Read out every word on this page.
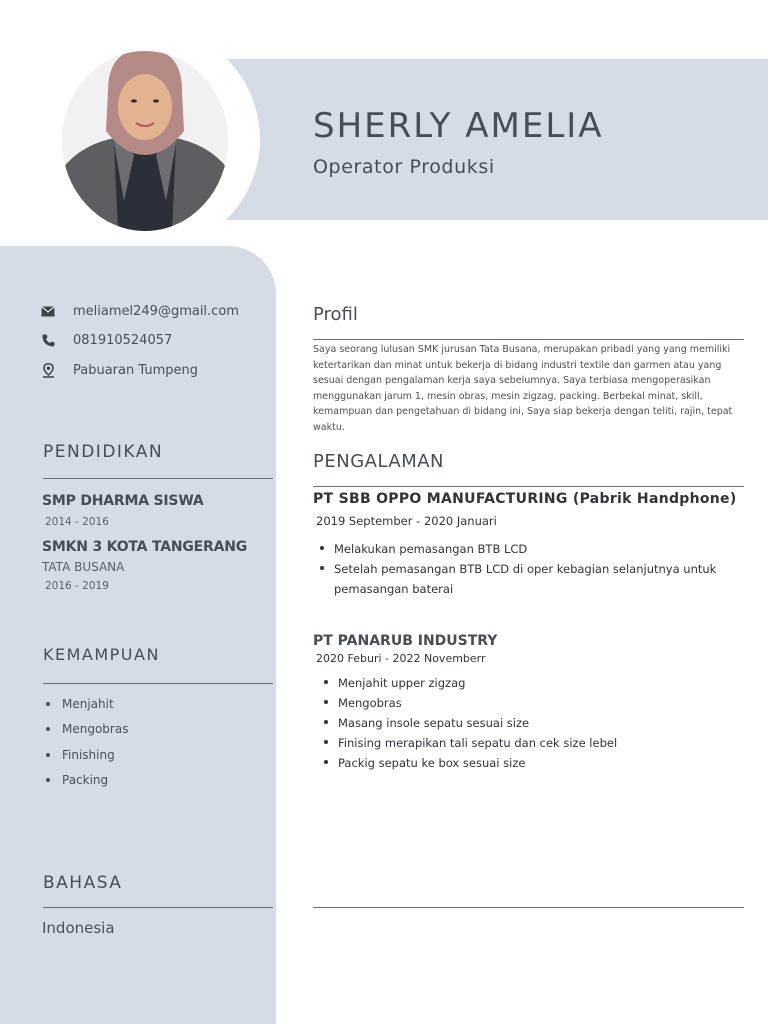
SHERLY AMELIA
Operator Produksi
meliamel249@gmail.com
081910524057
Pabuaran Tumpeng
PENDIDIKAN
SMP DHARMA SISWA
2014 - 2016
SMKN 3 KOTA TANGERANG
TATA BUSANA
2016 - 2019
KEMAMPUAN
Menjahit
Mengobras
Finishing
Packing
BAHASA
Indonesia
Profil

Saya seorang lulusan SMK jurusan Tata Busana, merupakan pribadi yang yang memiliki ketertarikan dan minat untuk bekerja di bidang industri textile dan garmen atau yang sesuai dengan pengalaman kerja saya sebelumnya. Saya terbiasa mengoperasikan menggunakan jarum 1, mesin obras, mesin zigzag, packing. Berbekal minat, skill, kemampuan dan pengetahuan di bidang ini, Saya siap bekerja dengan teliti, rajin, tepat waktu.

PENGALAMAN
PT SBB OPPO MANUFACTURING (Pabrik Handphone)
2019 September - 2020 Januari
Melakukan pemasangan BTB LCD
Setelah pemasangan BTB LCD di oper kebagian selanjutnya untuk pemasangan baterai
PT PANARUB INDUSTRY
2020 Feburi - 2022 Novemberr
Menjahit upper zigzag
Mengobras
Masang insole sepatu sesuai size
Finising merapikan tali sepatu dan cek size lebel
Packig sepatu ke box sesuai size
